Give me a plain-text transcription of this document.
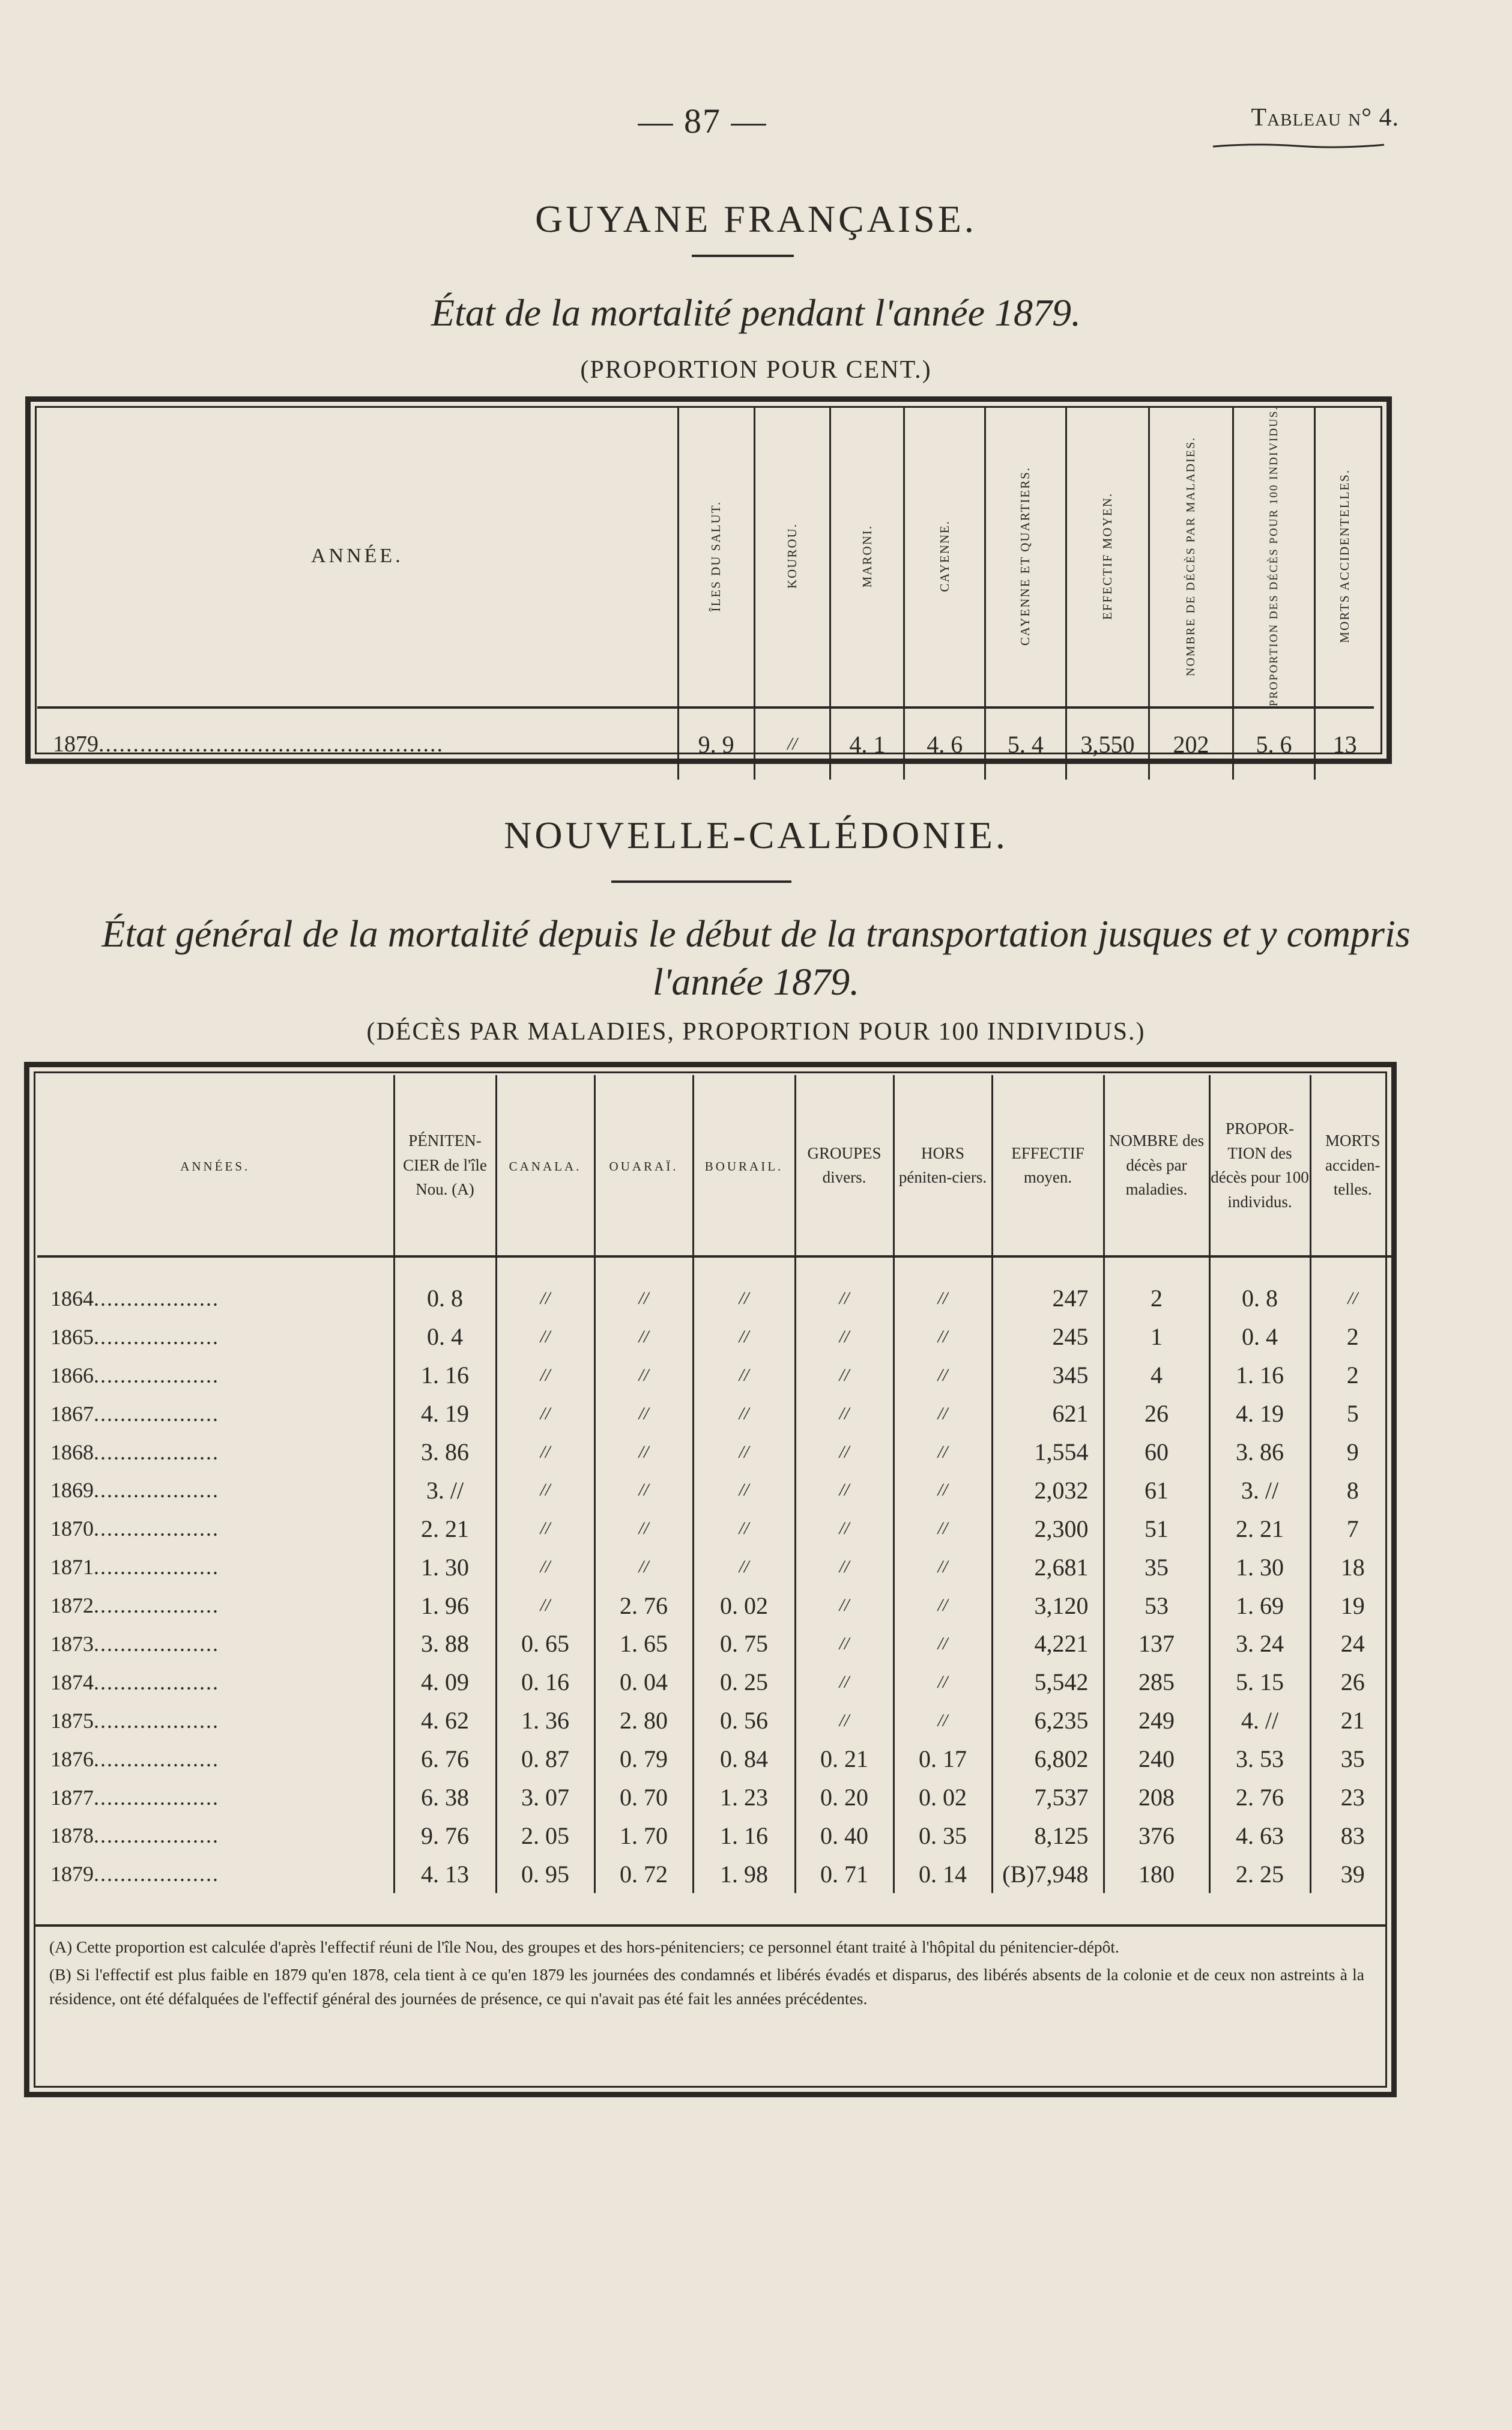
— 87 —	Tableau n° 4.
GUYANE FRANÇAISE.
État de la mortalité pendant l'année 1879.
(PROPORTION POUR CENT.)
ANNÉE.	ÎLES DU SALUT.	KOUROU.	MARONI.	CAYENNE.	CAYENNE ET QUARTIERS.	EFFECTIF MOYEN.	NOMBRE DE DÉCÈS PAR MALADIES.	PROPORTION DES DÉCÈS POUR 100 INDIVIDUS.	MORTS ACCIDENTELLES.

1879..................................................	9. 9	//	4. 1	4. 6	5. 4	3,550	202	5. 6	13
NOUVELLE-CALÉDONIE.
État général de la mortalité depuis le début de la transportation jusques et y compris
l'année 1879.
(DÉCÈS PAR MALADIES, PROPORTION POUR 100 INDIVIDUS.)
ANNÉES.	PÉNITEN-CIER de l'île Nou. (A)	CANALA.	OUARAÏ.	BOURAIL.	GROUPES divers.	HORS péniten-ciers.	EFFECTIF moyen.	NOMBRE des décès par maladies.	PROPOR-TION des décès pour 100 individus.	MORTS acciden-telles.
1864...................	0. 8	//	//	//	//	//	247	2	0. 8	//
1865...................	0. 4	//	//	//	//	//	245	1	0. 4	2
1866...................	1. 16	//	//	//	//	//	345	4	1. 16	2
1867...................	4. 19	//	//	//	//	//	621	26	4. 19	5
1868...................	3. 86	//	//	//	//	//	1,554	60	3. 86	9
1869...................	3. //	//	//	//	//	//	2,032	61	3. //	8
1870...................	2. 21	//	//	//	//	//	2,300	51	2. 21	7
1871...................	1. 30	//	//	//	//	//	2,681	35	1. 30	18
1872...................	1. 96	//	2. 76	0. 02	//	//	3,120	53	1. 69	19
1873...................	3. 88	0. 65	1. 65	0. 75	//	//	4,221	137	3. 24	24
1874...................	4. 09	0. 16	0. 04	0. 25	//	//	5,542	285	5. 15	26
1875...................	4. 62	1. 36	2. 80	0. 56	//	//	6,235	249	4. //	21
1876...................	6. 76	0. 87	0. 79	0. 84	0. 21	0. 17	6,802	240	3. 53	35
1877...................	6. 38	3. 07	0. 70	1. 23	0. 20	0. 02	7,537	208	2. 76	23
1878...................	9. 76	2. 05	1. 70	1. 16	0. 40	0. 35	8,125	376	4. 63	83
1879...................	4. 13	0. 95	0. 72	1. 98	0. 71	0. 14	(B)7,948	180	2. 25	39

(A) Cette proportion est calculée d'après l'effectif réuni de l'île Nou, des groupes et des hors-pénitenciers; ce personnel étant traité à l'hôpital du pénitencier-dépôt.

(B) Si l'effectif est plus faible en 1879 qu'en 1878, cela tient à ce qu'en 1879 les journées des condamnés et libérés évadés et disparus, des libérés absents de la colonie et de ceux non astreints à la résidence, ont été défalquées de l'effectif général des journées de présence, ce qui n'avait pas été fait les années précédentes.
